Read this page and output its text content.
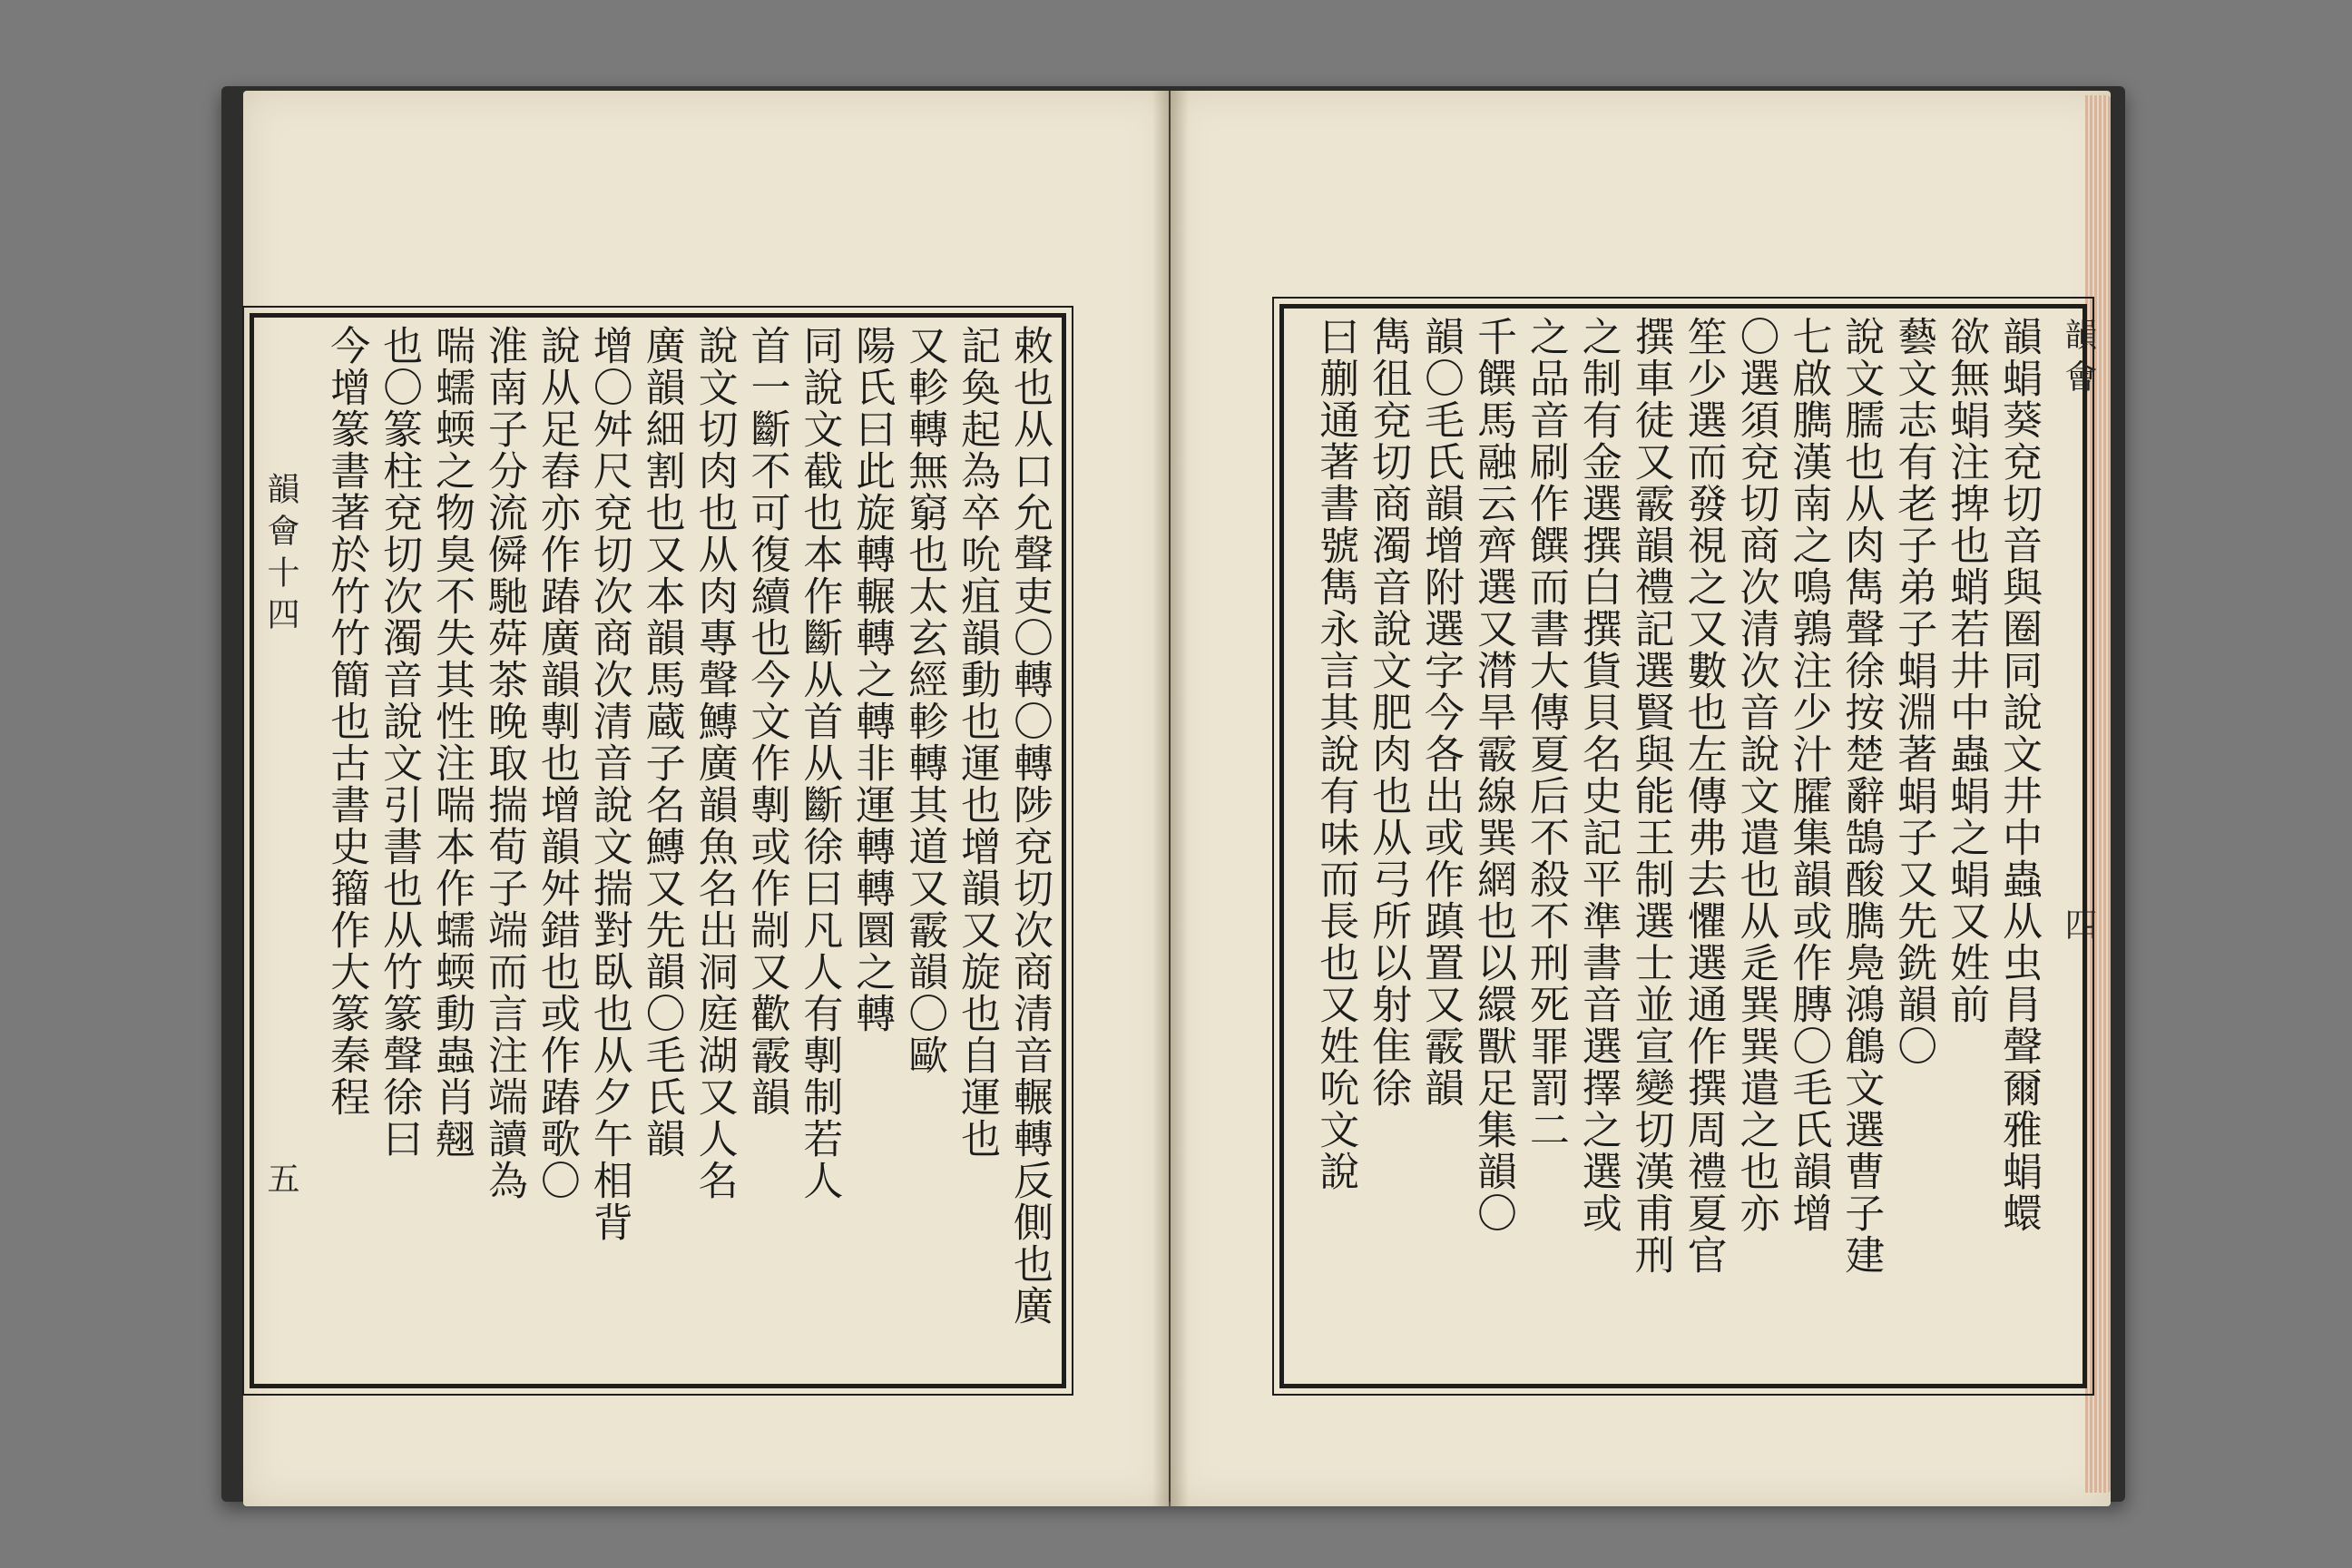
韻會十四
五	敕也从口允聲吏〇轉〇轉陟兗切次商清音輾轉反側也廣
記奐起為卒吮疽韻動也運也增韻又旋也自運也
又軫轉無窮也太玄經軫轉其道又霰韻〇歐
陽氏曰此旋轉輾轉之轉非運轉轉圜之轉
同說文截也本作斷从首从斷徐曰凡人有剸制若人
首一斷不可復續也今文作剸或作剬又歡霰韻
說文切肉也从肉專聲鱄廣韻魚名出洞庭湖又人名
廣韻細割也又本韻馬蔵子名鱄又先韻〇毛氏韻
增〇舛尺兗切次商次清音說文揣對臥也从夕午相背
說从足舂亦作踳廣韻剸也增韻舛錯也或作踳歌〇
淮南子分流僢馳荈茶晚取揣荀子端而言注端讀為
喘蠕蝡之物臭不失其性注喘本作蠕蝡動蟲肖翹
也〇篆柱兗切次濁音說文引書也从竹篆聲徐曰
今增篆書著於竹竹簡也古書史籀作大篆秦程	韻蜎葵兗切音與圈同說文井中蟲从虫肙聲爾雅蜎蠉
欲無蜎注捭也蛸若井中蟲蜎之蜎又姓前
藝文志有老子弟子蜎淵著蜎子又先銑韻〇
說文臑也从肉雋聲徐按楚辭鵠酸臇鳧鴻鶬文選曹子建
七啟臇漢南之鳴鶉注少汁臛集韻或作膞〇毛氏韻增
〇選須兗切商次清次音說文遣也从辵巽巽遣之也亦
笙少選而發視之又數也左傳弗去懼選通作撰周禮夏官
撰車徒又霰韻禮記選賢與能王制選士並宣變切漢甫刑
之制有金選撰白撰貨貝名史記平準書音選擇之選或
之品音刷作饌而書大傳夏后不殺不刑死罪罰二
千饌馬融云齊選又潸旱霰線巽網也以繯獸足集韻〇
韻〇毛氏韻增附選字今各出或作蹎置又霰韻
雋徂兗切商濁音說文肥肉也从弓所以射隹徐
曰蒯通著書號雋永言其說有味而長也又姓吮文說	韻會
四
